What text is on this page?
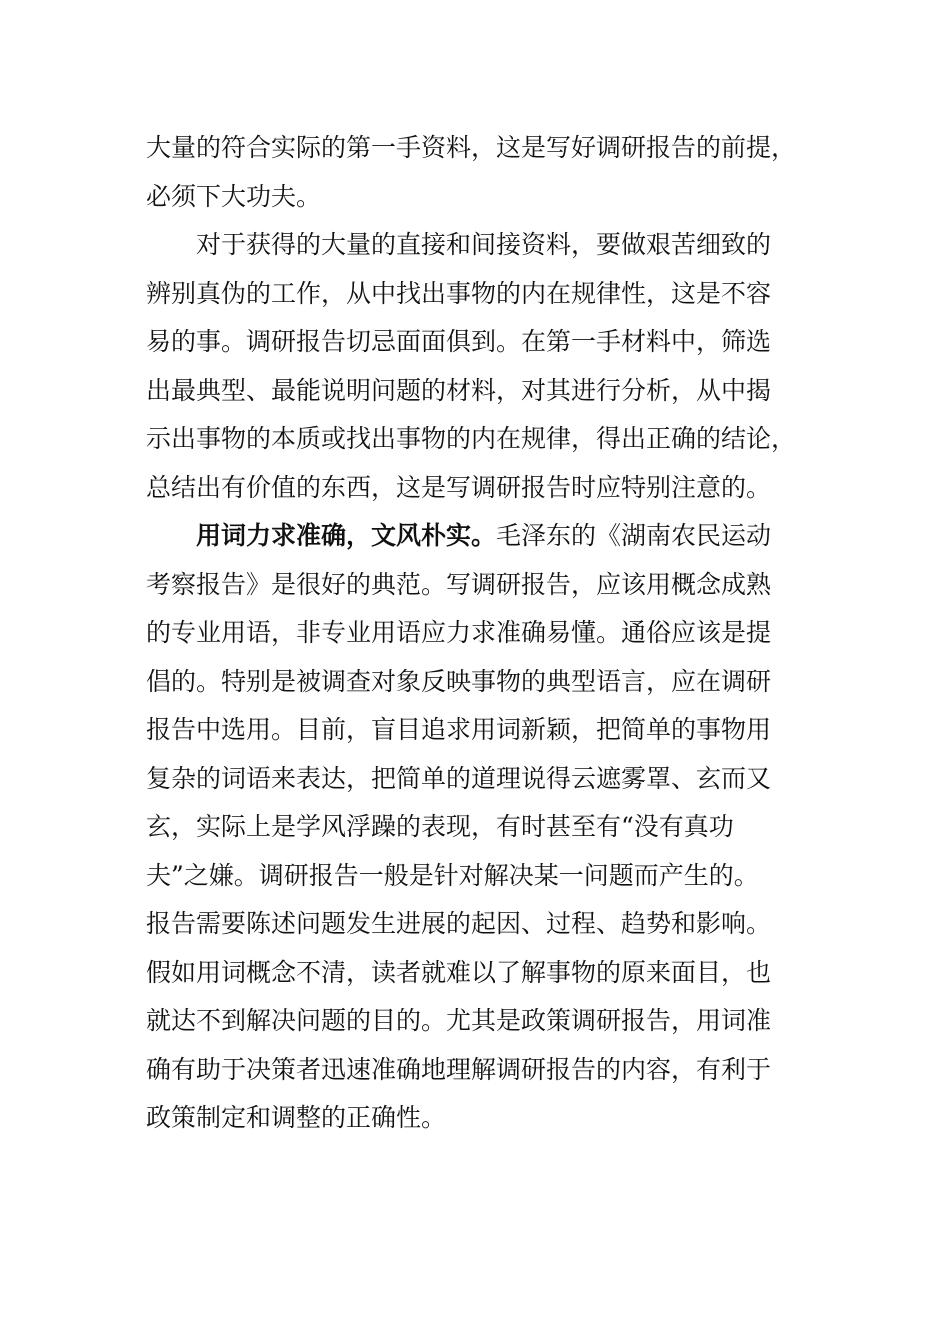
大量的符合实际的第一手资料，这是写好调研报告的前提，
必须下大功夫。
对于获得的大量的直接和间接资料，要做艰苦细致的
辨别真伪的工作，从中找出事物的内在规律性，这是不容
易的事。调研报告切忌面面俱到。在第一手材料中，筛选
出最典型、最能说明问题的材料，对其进行分析，从中揭
示出事物的本质或找出事物的内在规律，得出正确的结论，
总结出有价值的东西，这是写调研报告时应特别注意的。
用词力求准确，文风朴实。毛泽东的《湖南农民运动
考察报告》是很好的典范。写调研报告，应该用概念成熟
的专业用语，非专业用语应力求准确易懂。通俗应该是提
倡的。特别是被调查对象反映事物的典型语言，应在调研
报告中选用。目前，盲目追求用词新颖，把简单的事物用
复杂的词语来表达，把简单的道理说得云遮雾罩、玄而又
玄，实际上是学风浮躁的表现，有时甚至有“没有真功
夫”之嫌。调研报告一般是针对解决某一问题而产生的。
报告需要陈述问题发生进展的起因、过程、趋势和影响。
假如用词概念不清，读者就难以了解事物的原来面目，也
就达不到解决问题的目的。尤其是政策调研报告，用词准
确有助于决策者迅速准确地理解调研报告的内容，有利于
政策制定和调整的正确性。
